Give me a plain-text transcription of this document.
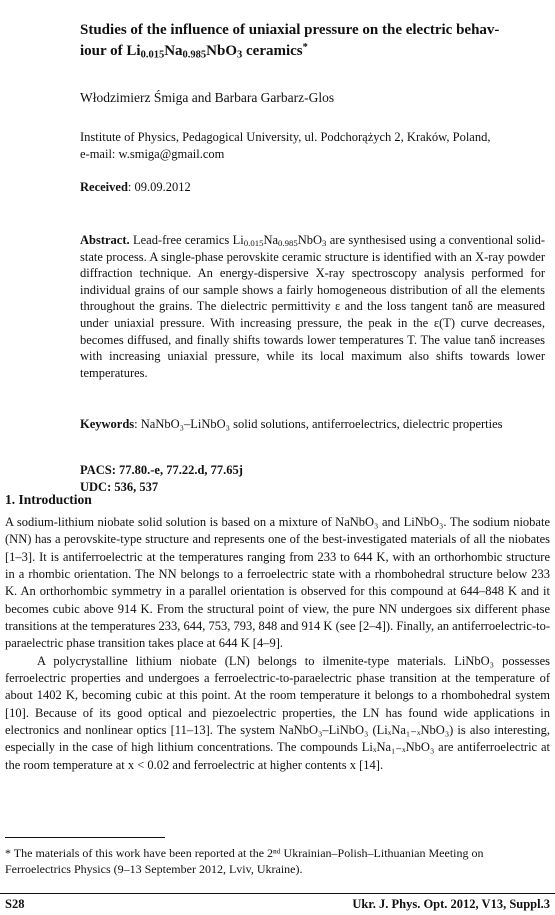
Studies of the influence of uniaxial pressure on the electric behav-
iour of $Li_{0.015}Na_{0.985}NbO_3$ ceramics*
Włodzimierz Śmiga and Barbara Garbarz-Glos
Institute of Physics, Pedagogical University, ul. Podchorążych 2, Kraków, Poland,
e-mail: w.smiga@gmail.com
Received: 09.09.2012
Abstract. Lead-free ceramics $Li_{0.015}Na_{0.985}NbO_3$ are synthesised using a conventional solid-state process. A single-phase perovskite ceramic structure is identified with an X-ray powder diffraction technique. An energy-dispersive X-ray spectroscopy analysis performed for individual grains of our sample shows a fairly homogeneous distribution of all the elements throughout the grains. The dielectric permittivity ε and the loss tangent tanδ are measured under uniaxial pressure. With increasing pressure, the peak in the ε(T) curve decreases, becomes diffused, and finally shifts towards lower temperatures T. The value tanδ increases with increasing uniaxial pressure, while its local maximum also shifts towards lower temperatures.
Keywords: NaNbO₃–LiNbO₃ solid solutions, antiferroelectrics, dielectric properties
PACS: 77.80.-e, 77.22.d, 77.65j
UDC: 536, 537
1. Introduction

A sodium-lithium niobate solid solution is based on a mixture of NaNbO₃ and LiNbO₃. The sodium niobate (NN) has a perovskite-type structure and represents one of the best-investigated materials of all the niobates [1–3]. It is antiferroelectric at the temperatures ranging from 233 to 644 K, with an orthorhombic structure in a rhombic orientation. The NN belongs to a ferroelectric state with a rhombohedral structure below 233 K. An orthorhombic symmetry in a parallel orientation is observed for this compound at 644–848 K and it becomes cubic above 914 K. From the structural point of view, the pure NN undergoes six different phase transitions at the temperatures 233, 644, 753, 793, 848 and 914 K (see [2–4]). Finally, an antiferroelectric-to-paraelectric phase transition takes place at 644 K [4–9].

A polycrystalline lithium niobate (LN) belongs to ilmenite-type materials. LiNbO₃ possesses ferroelectric properties and undergoes a ferroelectric-to-paraelectric phase transition at the temperature of about 1402 K, becoming cubic at this point. At the room temperature it belongs to a rhombohedral system [10]. Because of its good optical and piezoelectric properties, the LN has found wide applications in electronics and nonlinear optics [11–13]. The system NaNbO₃–LiNbO₃ (LiₓNa₁₋ₓNbO₃) is also interesting, especially in the case of high lithium concentrations. The compounds LiₓNa₁₋ₓNbO₃ are antiferroelectric at the room temperature at x < 0.02 and ferroelectric at higher contents x [14].

* The materials of this work have been reported at the 2ⁿᵈ Ukrainian–Polish–Lithuanian Meeting on Ferroelectrics Physics (9–13 September 2012, Lviv, Ukraine).
S28	Ukr. J. Phys. Opt. 2012, V13, Suppl.3
